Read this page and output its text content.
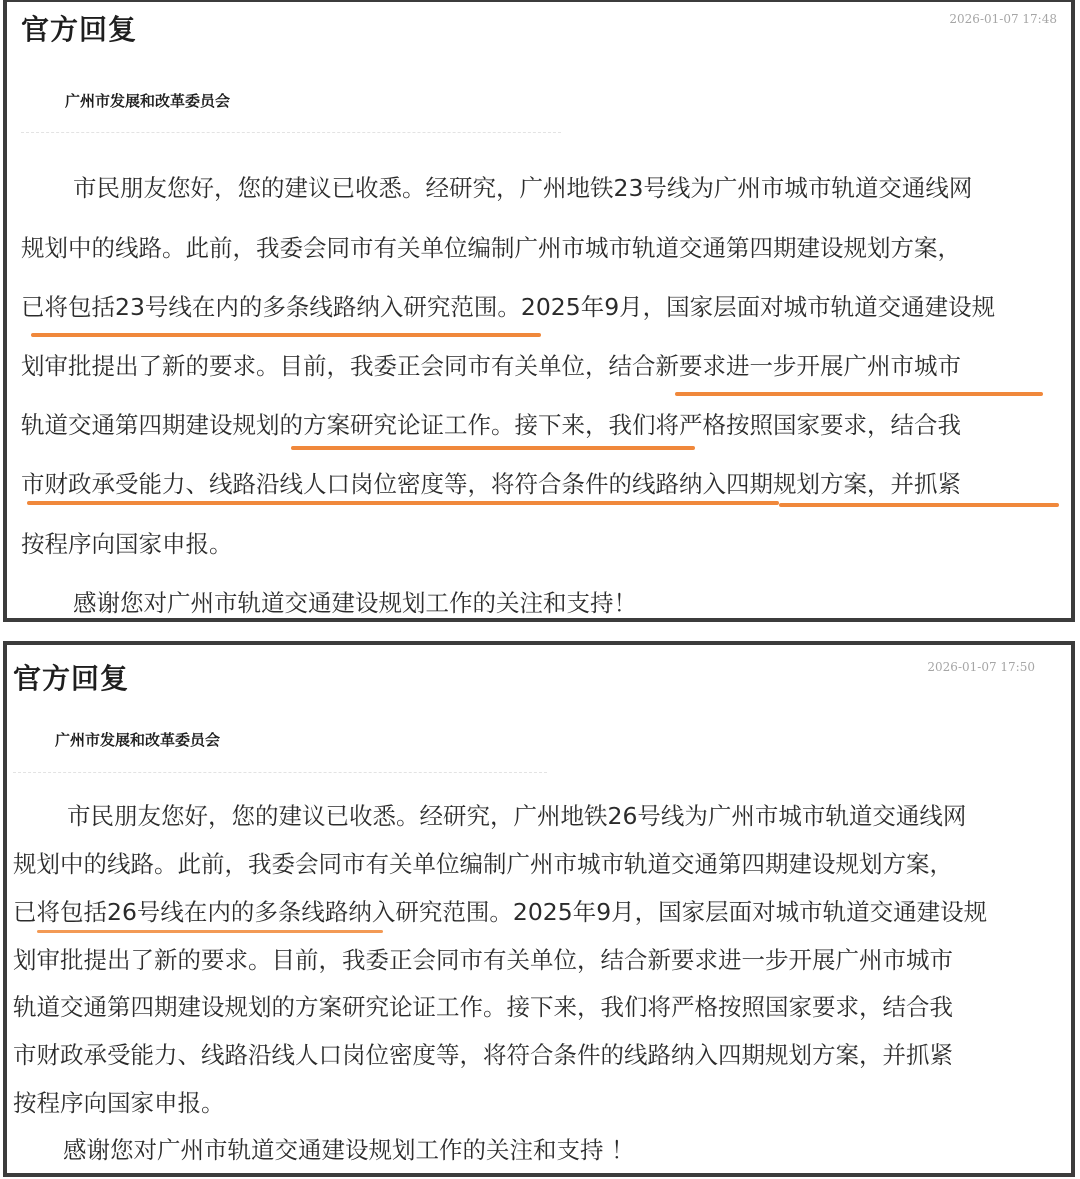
官方回复	2026-01-07 17:48
广州市发展和改革委员会
市民朋友您好，您的建议已收悉。经研究，广州地铁23号线为广州市城市轨道交通线网
规划中的线路。此前，我委会同市有关单位编制广州市城市轨道交通第四期建设规划方案，
已将包括23号线在内的多条线路纳入研究范围。2025年9月，国家层面对城市轨道交通建设规
划审批提出了新的要求。目前，我委正会同市有关单位，结合新要求进一步开展广州市城市
轨道交通第四期建设规划的方案研究论证工作。接下来，我们将严格按照国家要求，结合我
市财政承受能力、线路沿线人口岗位密度等，将符合条件的线路纳入四期规划方案，并抓紧
按程序向国家申报。
感谢您对广州市轨道交通建设规划工作的关注和支持！
官方回复	2026-01-07 17:50
广州市发展和改革委员会
市民朋友您好，您的建议已收悉。经研究，广州地铁26号线为广州市城市轨道交通线网
规划中的线路。此前，我委会同市有关单位编制广州市城市轨道交通第四期建设规划方案，
已将包括26号线在内的多条线路纳入研究范围。2025年9月，国家层面对城市轨道交通建设规
划审批提出了新的要求。目前，我委正会同市有关单位，结合新要求进一步开展广州市城市
轨道交通第四期建设规划的方案研究论证工作。接下来，我们将严格按照国家要求，结合我
市财政承受能力、线路沿线人口岗位密度等，将符合条件的线路纳入四期规划方案，并抓紧
按程序向国家申报。
感谢您对广州市轨道交通建设规划工作的关注和支持 ！
